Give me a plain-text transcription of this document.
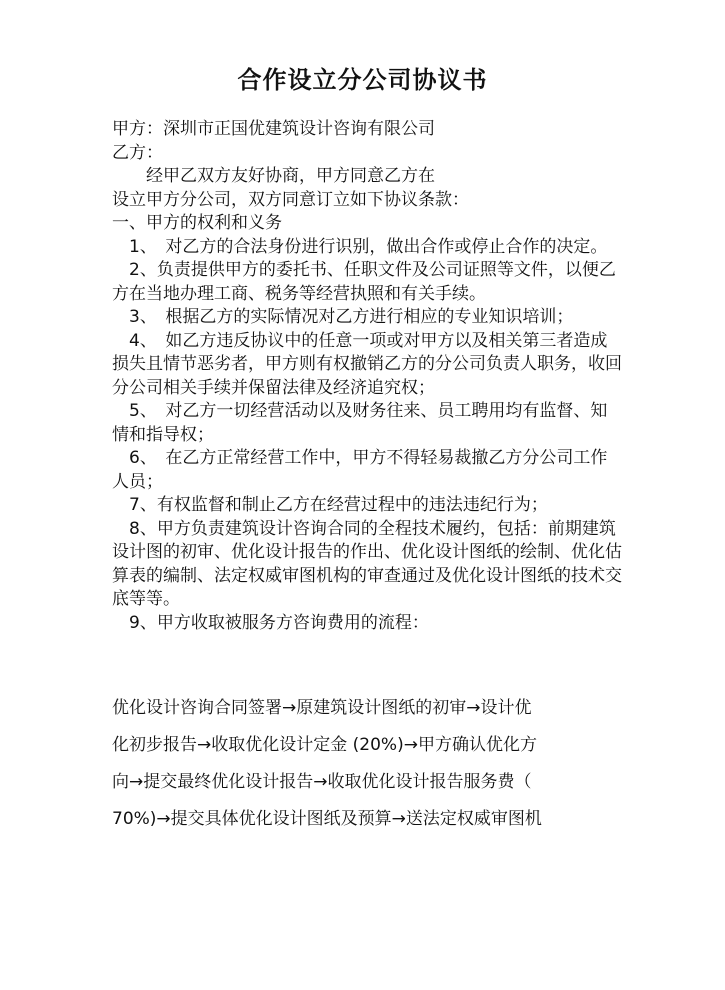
合作设立分公司协议书

甲方：深圳市正国优建筑设计咨询有限公司

乙方：

经甲乙双方友好协商，甲方同意乙方在

设立甲方分公司，双方同意订立如下协议条款：

一、甲方的权利和义务

1、　对乙方的合法身份进行识别，做出合作或停止合作的决定。

2、负责提供甲方的委托书、任职文件及公司证照等文件，以便乙方在当地办理工商、税务等经营执照和有关手续。

3、　根据乙方的实际情况对乙方进行相应的专业知识培训；

4、　如乙方违反协议中的任意一项或对甲方以及相关第三者造成损失且情节恶劣者，甲方则有权撤销乙方的分公司负责人职务，收回分公司相关手续并保留法律及经济追究权；

5、　对乙方一切经营活动以及财务往来、员工聘用均有监督、知情和指导权；

6、　在乙方正常经营工作中，甲方不得轻易裁撤乙方分公司工作人员；

7、有权监督和制止乙方在经营过程中的违法违纪行为；

8、甲方负责建筑设计咨询合同的全程技术履约，包括：前期建筑设计图的初审、优化设计报告的作出、优化设计图纸的绘制、优化估算表的编制、法定权威审图机构的审查通过及优化设计图纸的技术交底等等。

9、甲方收取被服务方咨询费用的流程：

优化设计咨询合同签署→原建筑设计图纸的初审→设计优

化初步报告→收取优化设计定金 (20%)→甲方确认优化方

向→提交最终优化设计报告→收取优化设计报告服务费（

70%)→提交具体优化设计图纸及预算→送法定权威审图机
